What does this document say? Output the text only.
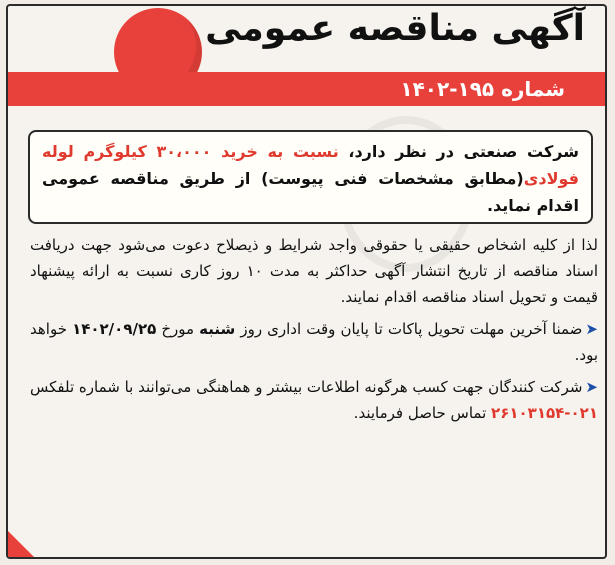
آگهی مناقصه عمومی
شماره ۱۹۵-۱۴۰۲
شرکت صنعتی در نظر دارد، نسبت به خرید ۳۰،۰۰۰ کیلوگرم لوله فولادی(مطابق مشخصات فنی پیوست) از طریق مناقصه عمومی اقدام نماید.

لذا از کلیه اشخاص حقیقی یا حقوقی واجد شرایط و ذیصلاح دعوت می‌شود جهت دریافت اسناد مناقصه از تاریخ انتشار آگهی حداکثر به مدت ۱۰ روز کاری نسبت به ارائه پیشنهاد قیمت و تحویل اسناد مناقصه اقدام نمایند.

➤ضمنا آخرین مهلت تحویل پاکات تا پایان وقت اداری روز شنبه مورخ ۱۴۰۲/۰۹/۲۵ خواهد بود.

➤شرکت کنندگان جهت کسب هرگونه اطلاعات بیشتر و هماهنگی می‌توانند با شماره تلفکس ۰۲۱-۲۶۱۰۳۱۵۴ تماس حاصل فرمایند.
